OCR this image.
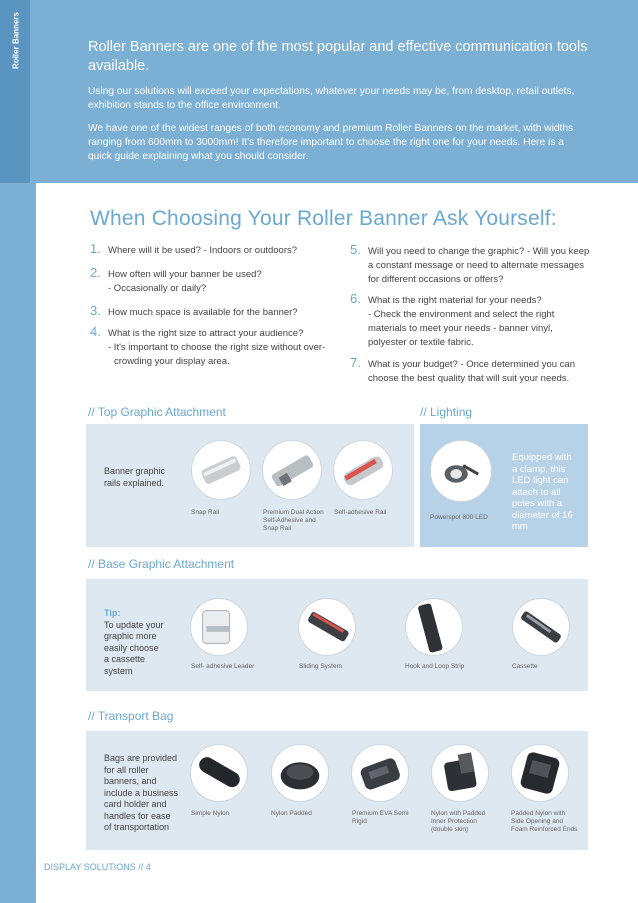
Roller Banners	Roller Banners are one of the most popular and effective communication tools available.
Using our solutions will exceed your expectations, whatever your needs may be, from desktop, retail outlets, exhibition stands to the office environment.
We have one of the widest ranges of both economy and premium Roller Banners on the market, with widths ranging from 600mm to 3000mm! It's therefore important to choose the right one for your needs. Here is a quick guide explaining what you should consider.
When Choosing Your Roller Banner Ask Yourself:
1. Where will it be used? - Indoors or outdoors?
2. How often will your banner be used?
- Occasionally or daily?
3. How much space is available for the banner?
4. What is the right size to attract your audience?
- It's important to choose the right size without over-crowding your display area.
5. Will you need to change the graphic? - Will you keep a constant message or need to alternate messages for different occasions or offers?
6. What is the right material for your needs?
- Check the environment and select the right materials to meet your needs - banner vinyl, polyester or textile fabric.
7. What is your budget? - Once determined you can choose the best quality that will suit your needs.
// Top Graphic Attachment
Banner graphic rails explained.
Snap Rail	Premium Dual Action Self-Adhesive and Snap Rail
Self-adhesive Rail
// Lighting
Powerspot 800 LED
Equipped with a clamp, this LED light can attach to all poles with a diameter of 16 mm
// Base Graphic Attachment
Tip:
To update your graphic more easily choose a cassette system	Self- adhesive Leader	Sliding System	Hook and Loop Strip	Cassette
// Transport Bag
Bags are provided for all roller banners, and include a business card holder and handles for ease of transportation
Simple Nylon	Nylon Padded	Premium EVA Semi Rigid
Nylon with Padded Inner Protection (double skin)
Padded Nylon with Side Opening and Foam Reinforced Ends
DISPLAY SOLUTIONS // 4
